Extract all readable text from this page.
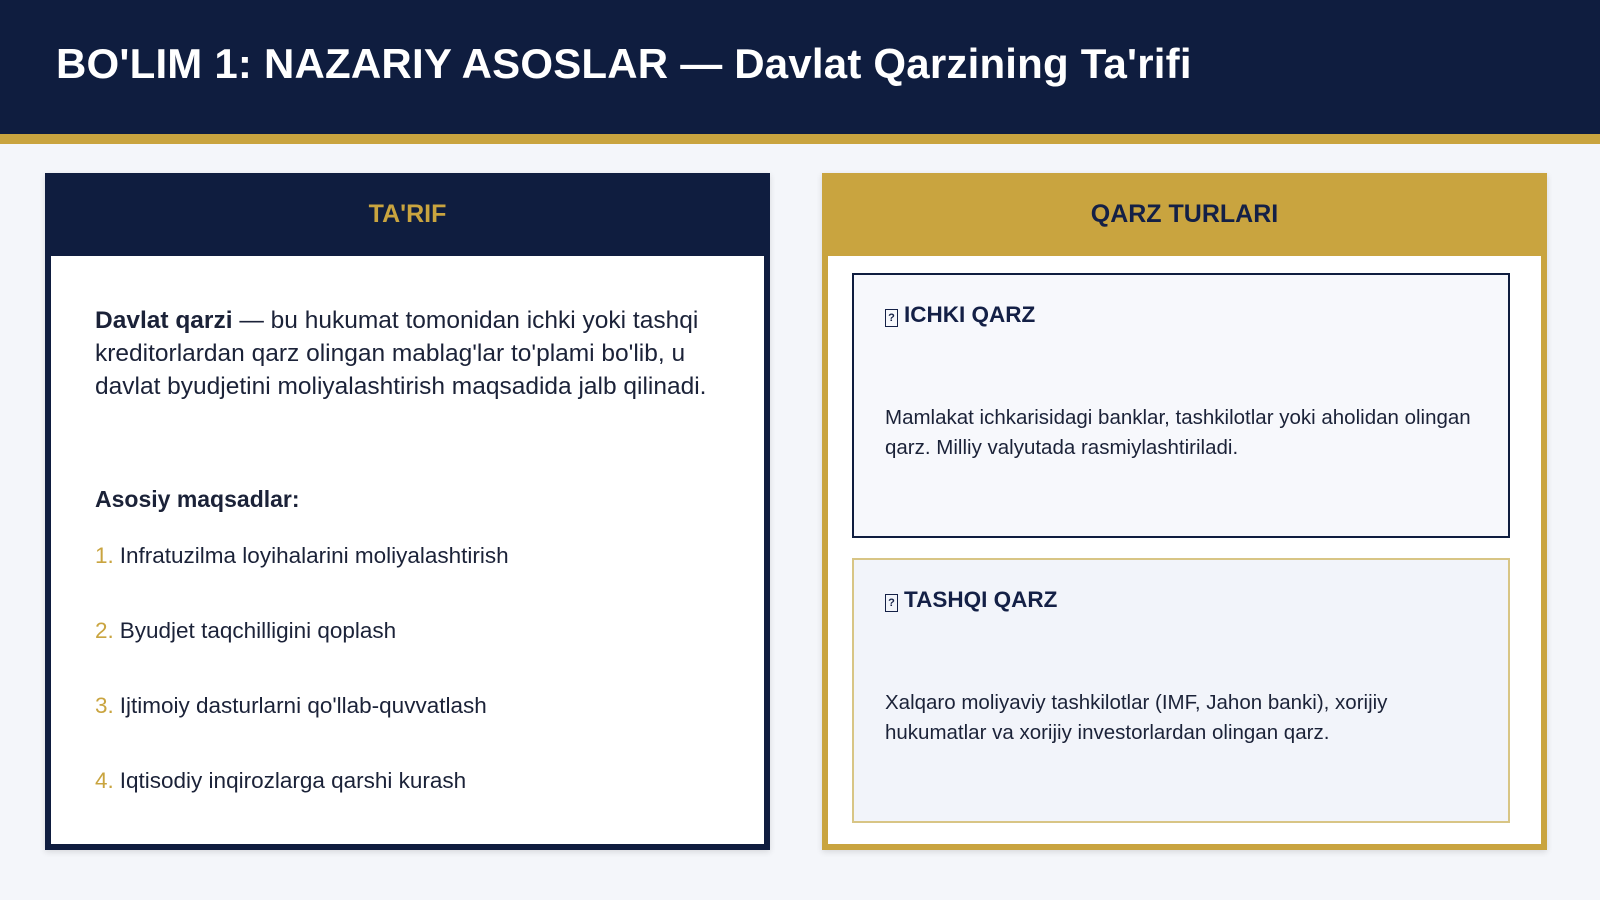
BO'LIM 1: NAZARIY ASOSLAR — Davlat Qarzining Ta'rifi
TA'RIF
Davlat qarzi — bu hukumat tomonidan ichki yoki tashqi kreditorlardan qarz olingan mablag'lar to'plami bo'lib, u davlat byudjetini moliyalashtirish maqsadida jalb qilinadi.
Asosiy maqsadlar:
1. Infratuzilma loyihalarini moliyalashtirish
2. Byudjet taqchilligini qoplash
3. Ijtimoiy dasturlarni qo'llab-quvvatlash
4. Iqtisodiy inqirozlarga qarshi kurash
QARZ TURLARI
? ICHKI QARZ
Mamlakat ichkarisidagi banklar, tashkilotlar yoki aholidan olingan qarz. Milliy valyutada rasmiylashtiriladi.
? TASHQI QARZ
Xalqaro moliyaviy tashkilotlar (IMF, Jahon banki), xorijiy hukumatlar va xorijiy investorlardan olingan qarz.
